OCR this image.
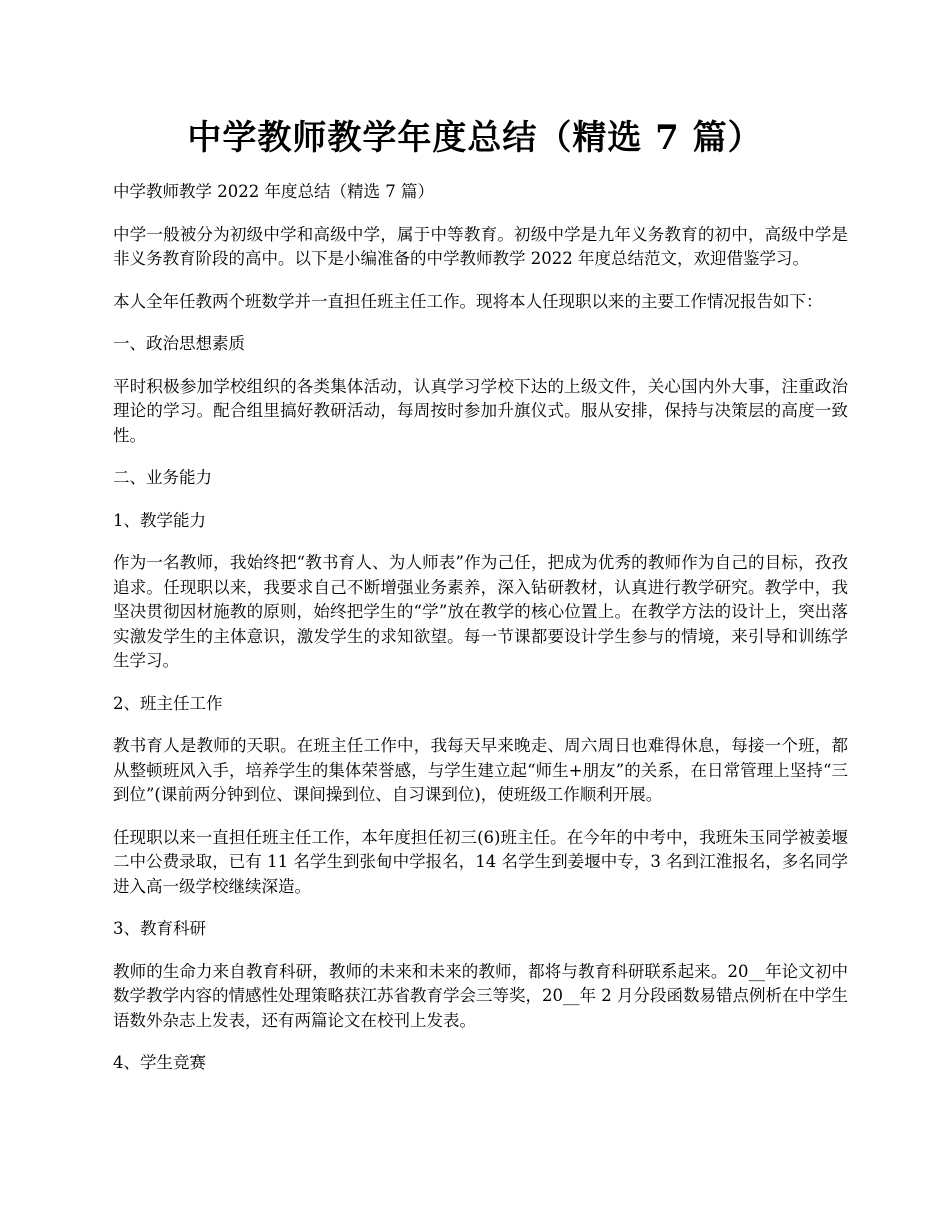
中学教师教学年度总结（精选 7 篇）

中学教师教学 2022 年度总结（精选 7 篇）

中学一般被分为初级中学和高级中学，属于中等教育。初级中学是九年义务教育的初中，高级中学是非义务教育阶段的高中。以下是小编准备的中学教师教学 2022 年度总结范文，欢迎借鉴学习。

本人全年任教两个班数学并一直担任班主任工作。现将本人任现职以来的主要工作情况报告如下：

一、政治思想素质

平时积极参加学校组织的各类集体活动，认真学习学校下达的上级文件，关心国内外大事，注重政治理论的学习。配合组里搞好教研活动，每周按时参加升旗仪式。服从安排，保持与决策层的高度一致性。

二、业务能力

1、教学能力

作为一名教师，我始终把“教书育人、为人师表”作为己任，把成为优秀的教师作为自己的目标，孜孜追求。任现职以来，我要求自己不断增强业务素养，深入钻研教材，认真进行教学研究。教学中，我坚决贯彻因材施教的原则，始终把学生的“学”放在教学的核心位置上。在教学方法的设计上，突出落实激发学生的主体意识，激发学生的求知欲望。每一节课都要设计学生参与的情境，来引导和训练学生学习。

2、班主任工作

教书育人是教师的天职。在班主任工作中，我每天早来晚走、周六周日也难得休息，每接一个班，都从整顿班风入手，培养学生的集体荣誉感，与学生建立起“师生+朋友”的关系，在日常管理上坚持“三到位”(课前两分钟到位、课间操到位、自习课到位)，使班级工作顺利开展。

任现职以来一直担任班主任工作，本年度担任初三(6)班主任。在今年的中考中，我班朱玉同学被姜堰二中公费录取，已有 11 名学生到张甸中学报名，14 名学生到姜堰中专，3 名到江淮报名，多名同学进入高一级学校继续深造。

3、教育科研

教师的生命力来自教育科研，教师的未来和未来的教师，都将与教育科研联系起来。20__年论文初中数学教学内容的情感性处理策略获江苏省教育学会三等奖，20__年 2 月分段函数易错点例析在中学生语数外杂志上发表，还有两篇论文在校刊上发表。

4、学生竞赛
